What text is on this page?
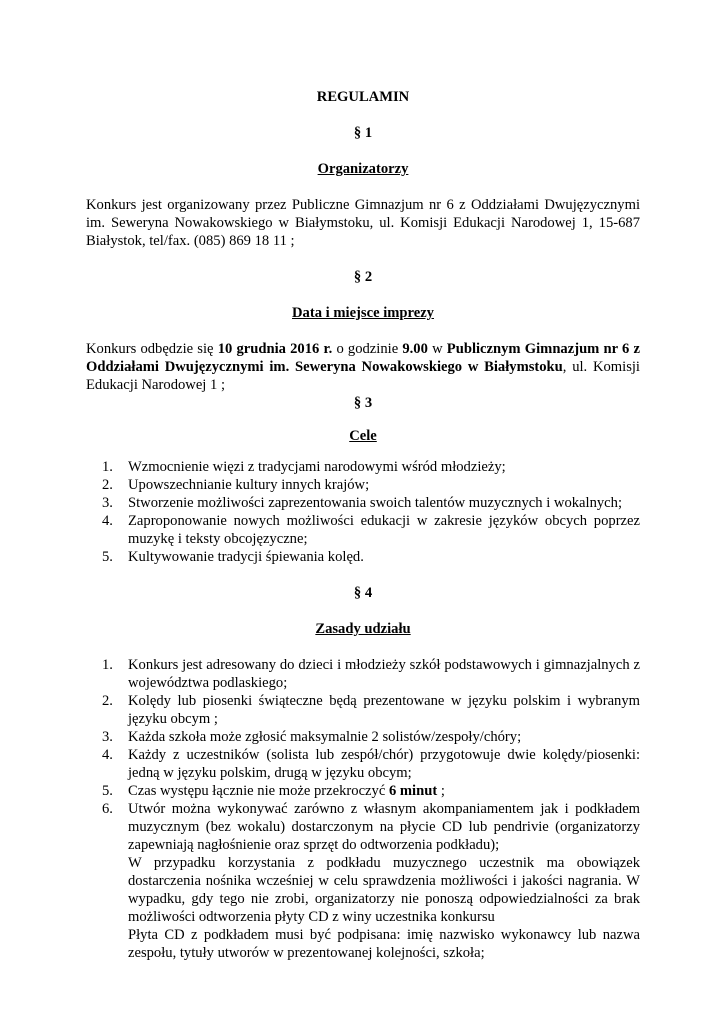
REGULAMIN
§ 1
Organizatorzy
Konkurs jest organizowany przez Publiczne Gimnazjum nr 6 z Oddziałami Dwujęzycznymi im. Seweryna Nowakowskiego w Białymstoku, ul. Komisji Edukacji Narodowej 1, 15-687 Białystok, tel/fax. (085) 869 18 11 ;
§ 2
Data i miejsce imprezy
Konkurs odbędzie się 10 grudnia 2016 r. o godzinie 9.00 w Publicznym Gimnazjum nr 6 z Oddziałami Dwujęzycznymi im. Seweryna Nowakowskiego w Białymstoku, ul. Komisji Edukacji Narodowej 1 ;
§ 3
Cele
1. Wzmocnienie więzi z tradycjami narodowymi wśród młodzieży;
2. Upowszechnianie kultury innych krajów;
3. Stworzenie możliwości zaprezentowania swoich talentów muzycznych i wokalnych;
4. Zaproponowanie nowych możliwości edukacji w zakresie języków obcych poprzez muzykę i teksty obcojęzyczne;
5. Kultywowanie tradycji śpiewania kolęd.
§ 4
Zasady udziału
1. Konkurs jest adresowany do dzieci i młodzieży szkół podstawowych i gimnazjalnych z województwa podlaskiego;
2. Kolędy lub piosenki świąteczne będą prezentowane w języku polskim i wybranym języku obcym ;
3. Każda szkoła może zgłosić maksymalnie 2 solistów/zespoły/chóry;
4. Każdy z uczestników (solista lub zespół/chór) przygotowuje dwie kolędy/piosenki: jedną w języku polskim, drugą w języku obcym;
5. Czas występu łącznie nie może przekroczyć 6 minut ;
6. Utwór można wykonywać zarówno z własnym akompaniamentem jak i podkładem muzycznym (bez wokalu) dostarczonym na płycie CD lub pendrivie (organizatorzy zapewniają nagłośnienie oraz sprzęt do odtworzenia podkładu);
W przypadku korzystania z podkładu muzycznego uczestnik ma obowiązek dostarczenia nośnika wcześniej w celu sprawdzenia możliwości i jakości nagrania. W wypadku, gdy tego nie zrobi, organizatorzy nie ponoszą odpowiedzialności za brak możliwości odtworzenia płyty CD z winy uczestnika konkursu
Płyta CD z podkładem musi być podpisana: imię nazwisko wykonawcy lub nazwa zespołu, tytuły utworów w prezentowanej kolejności, szkoła;
